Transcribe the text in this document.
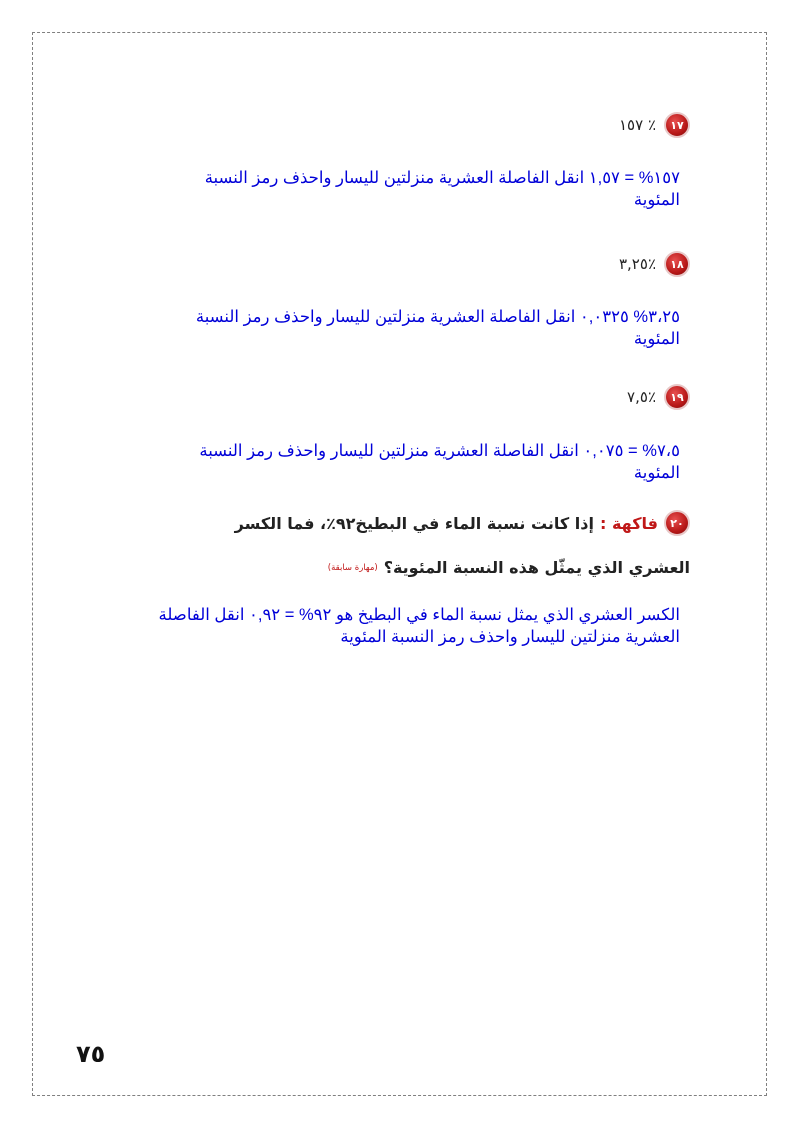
١٧
٪ ١٥٧
١٥٧% = ١,٥٧ انقل الفاصلة العشرية منزلتين لليسار واحذف رمز النسبة المئوية
١٨
٪٣,٢٥
٣،٢٥% ٠,٠٣٢٥ انقل الفاصلة العشرية منزلتين لليسار واحذف رمز النسبة المئوية
١٩
٪٧,٥
٧،٥% = ٠,٠٧٥ انقل الفاصلة العشرية منزلتين لليسار واحذف رمز النسبة المئوية
٢٠
فاكهة :
إذا كانت نسبة الماء في البطيخ٩٢٪، فما الكسر
العشري الذي يمثّل هذه النسبة المئوية؟
(مهارة سابقة)
الكسر العشري الذي يمثل نسبة الماء في البطيخ هو ٩٢% = ٠,٩٢ انقل الفاصلة العشرية منزلتين لليسار واحذف رمز النسبة المئوية
٧٥
